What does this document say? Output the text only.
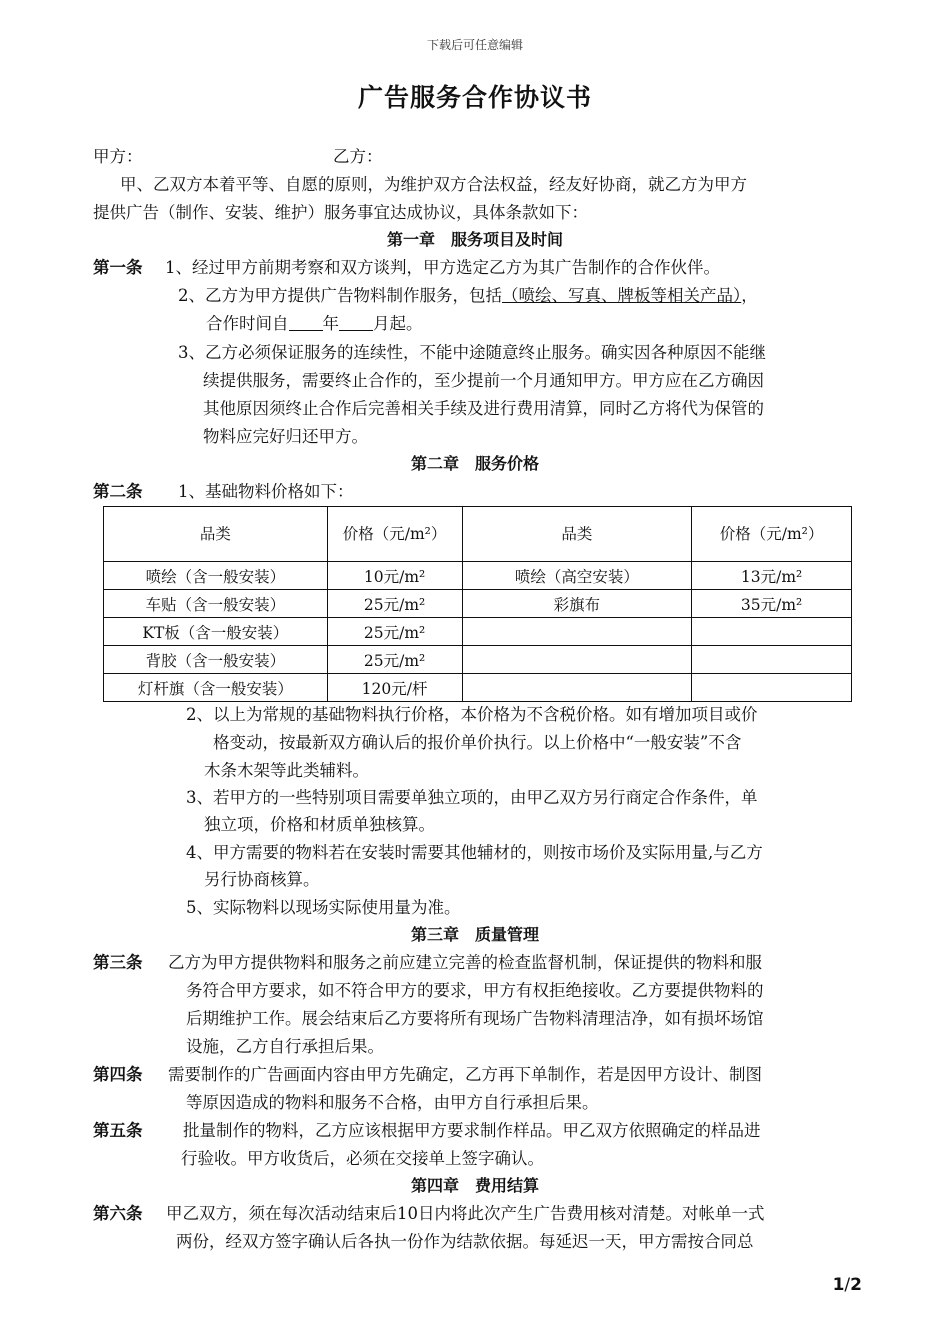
下载后可任意编辑
广告服务合作协议书
甲方：	乙方：
甲、乙双方本着平等、自愿的原则，为维护双方合法权益，经友好协商，就乙方为甲方
提供广告（制作、安装、维护）服务事宜达成协议，具体条款如下：
第一章 服务项目及时间
第一条 1、经过甲方前期考察和双方谈判，甲方选定乙方为其广告制作的合作伙伴。
2、乙方为甲方提供广告物料制作服务，包括（喷绘、写真、牌板等相关产品），
合作时间自 年 月起。
3、乙方必须保证服务的连续性，不能中途随意终止服务。确实因各种原因不能继
续提供服务，需要终止合作的，至少提前一个月通知甲方。甲方应在乙方确因
其他原因须终止合作后完善相关手续及进行费用清算，同时乙方将代为保管的
物料应完好归还甲方。
第二章 服务价格
第二条 1、基础物料价格如下：
品类	价格（元/m²）	品类	价格（元/m²）
喷绘（含一般安装）	10元/m²	喷绘（高空安装）	13元/m²
车贴（含一般安装）	25元/m²	彩旗布	35元/m²
KT板（含一般安装）	25元/m²		
背胶（含一般安装）	25元/m²		
灯杆旗（含一般安装）	120元/杆		
2、以上为常规的基础物料执行价格，本价格为不含税价格。如有增加项目或价
格变动，按最新双方确认后的报价单价执行。以上价格中“一般安装”不含
木条木架等此类辅料。
3、若甲方的一些特别项目需要单独立项的，由甲乙双方另行商定合作条件，单
独立项，价格和材质单独核算。
4、甲方需要的物料若在安装时需要其他辅材的，则按市场价及实际用量,与乙方
另行协商核算。
5、实际物料以现场实际使用量为准。
第三章 质量管理
第三条 乙方为甲方提供物料和服务之前应建立完善的检查监督机制，保证提供的物料和服
务符合甲方要求，如不符合甲方的要求，甲方有权拒绝接收。乙方要提供物料的
后期维护工作。展会结束后乙方要将所有现场广告物料清理洁净，如有损坏场馆
设施，乙方自行承担后果。
第四条 需要制作的广告画面内容由甲方先确定，乙方再下单制作，若是因甲方设计、制图
等原因造成的物料和服务不合格，由甲方自行承担后果。
第五条 批量制作的物料，乙方应该根据甲方要求制作样品。甲乙双方依照确定的样品进
行验收。甲方收货后，必须在交接单上签字确认。
第四章 费用结算
第六条 甲乙双方，须在每次活动结束后10日内将此次产生广告费用核对清楚。对帐单一式
两份，经双方签字确认后各执一份作为结款依据。每延迟一天，甲方需按合同总
1/2
